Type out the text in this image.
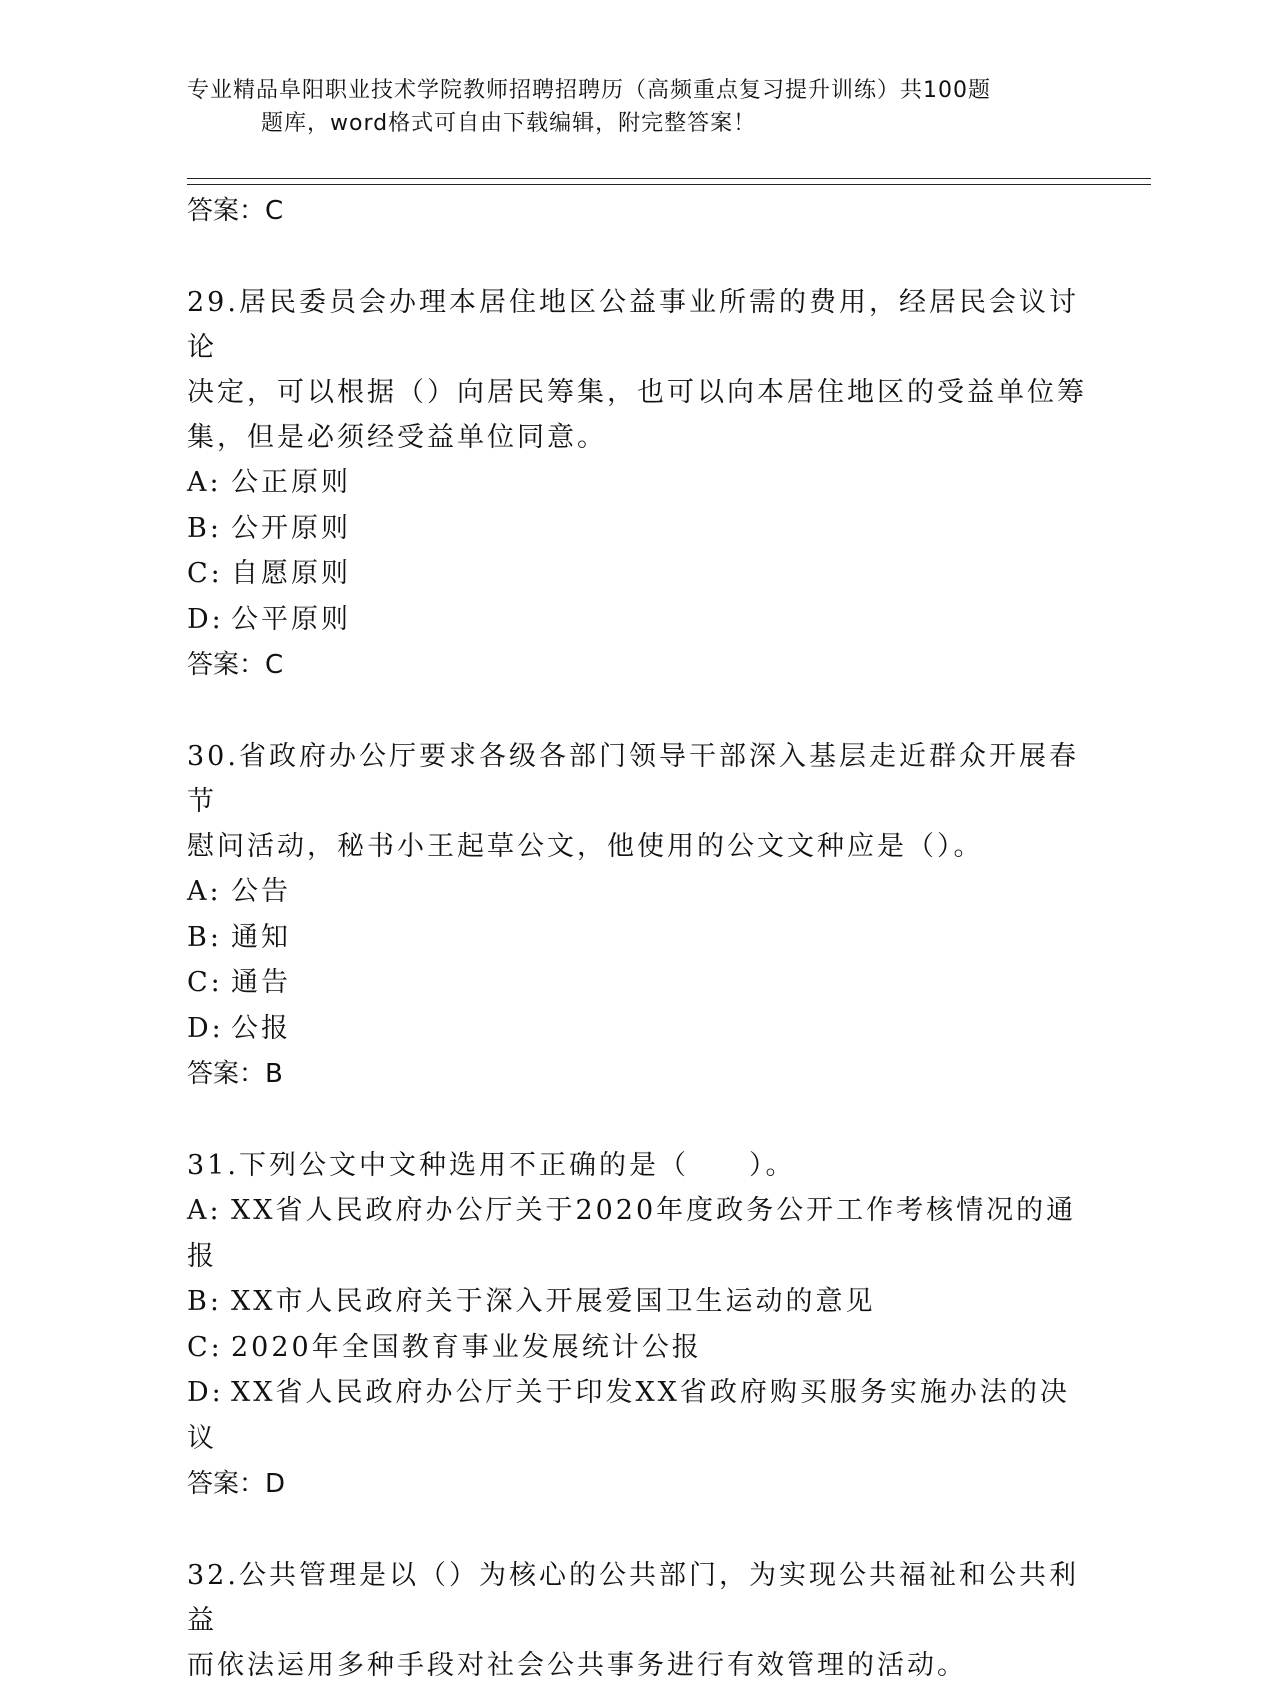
专业精品阜阳职业技术学院教师招聘招聘历（高频重点复习提升训练）共100题
题库，word格式可自由下载编辑，附完整答案！
答案：C
29.居民委员会办理本居住地区公益事业所需的费用，经居民会议讨论
决定，可以根据（）向居民筹集，也可以向本居住地区的受益单位筹
集，但是必须经受益单位同意。
A: 公正原则
B: 公开原则
C: 自愿原则
D: 公平原则
答案：C
30.省政府办公厅要求各级各部门领导干部深入基层走近群众开展春节
慰问活动，秘书小王起草公文，他使用的公文文种应是（）。
A: 公告
B: 通知
C: 通告
D: 公报
答案：B
31.下列公文中文种选用不正确的是（　　）。
A: XX省人民政府办公厅关于2020年度政务公开工作考核情况的通报
B: XX市人民政府关于深入开展爱国卫生运动的意见
C: 2020年全国教育事业发展统计公报
D: XX省人民政府办公厅关于印发XX省政府购买服务实施办法的决议
答案：D
32.公共管理是以（）为核心的公共部门，为实现公共福祉和公共利益
而依法运用多种手段对社会公共事务进行有效管理的活动。
